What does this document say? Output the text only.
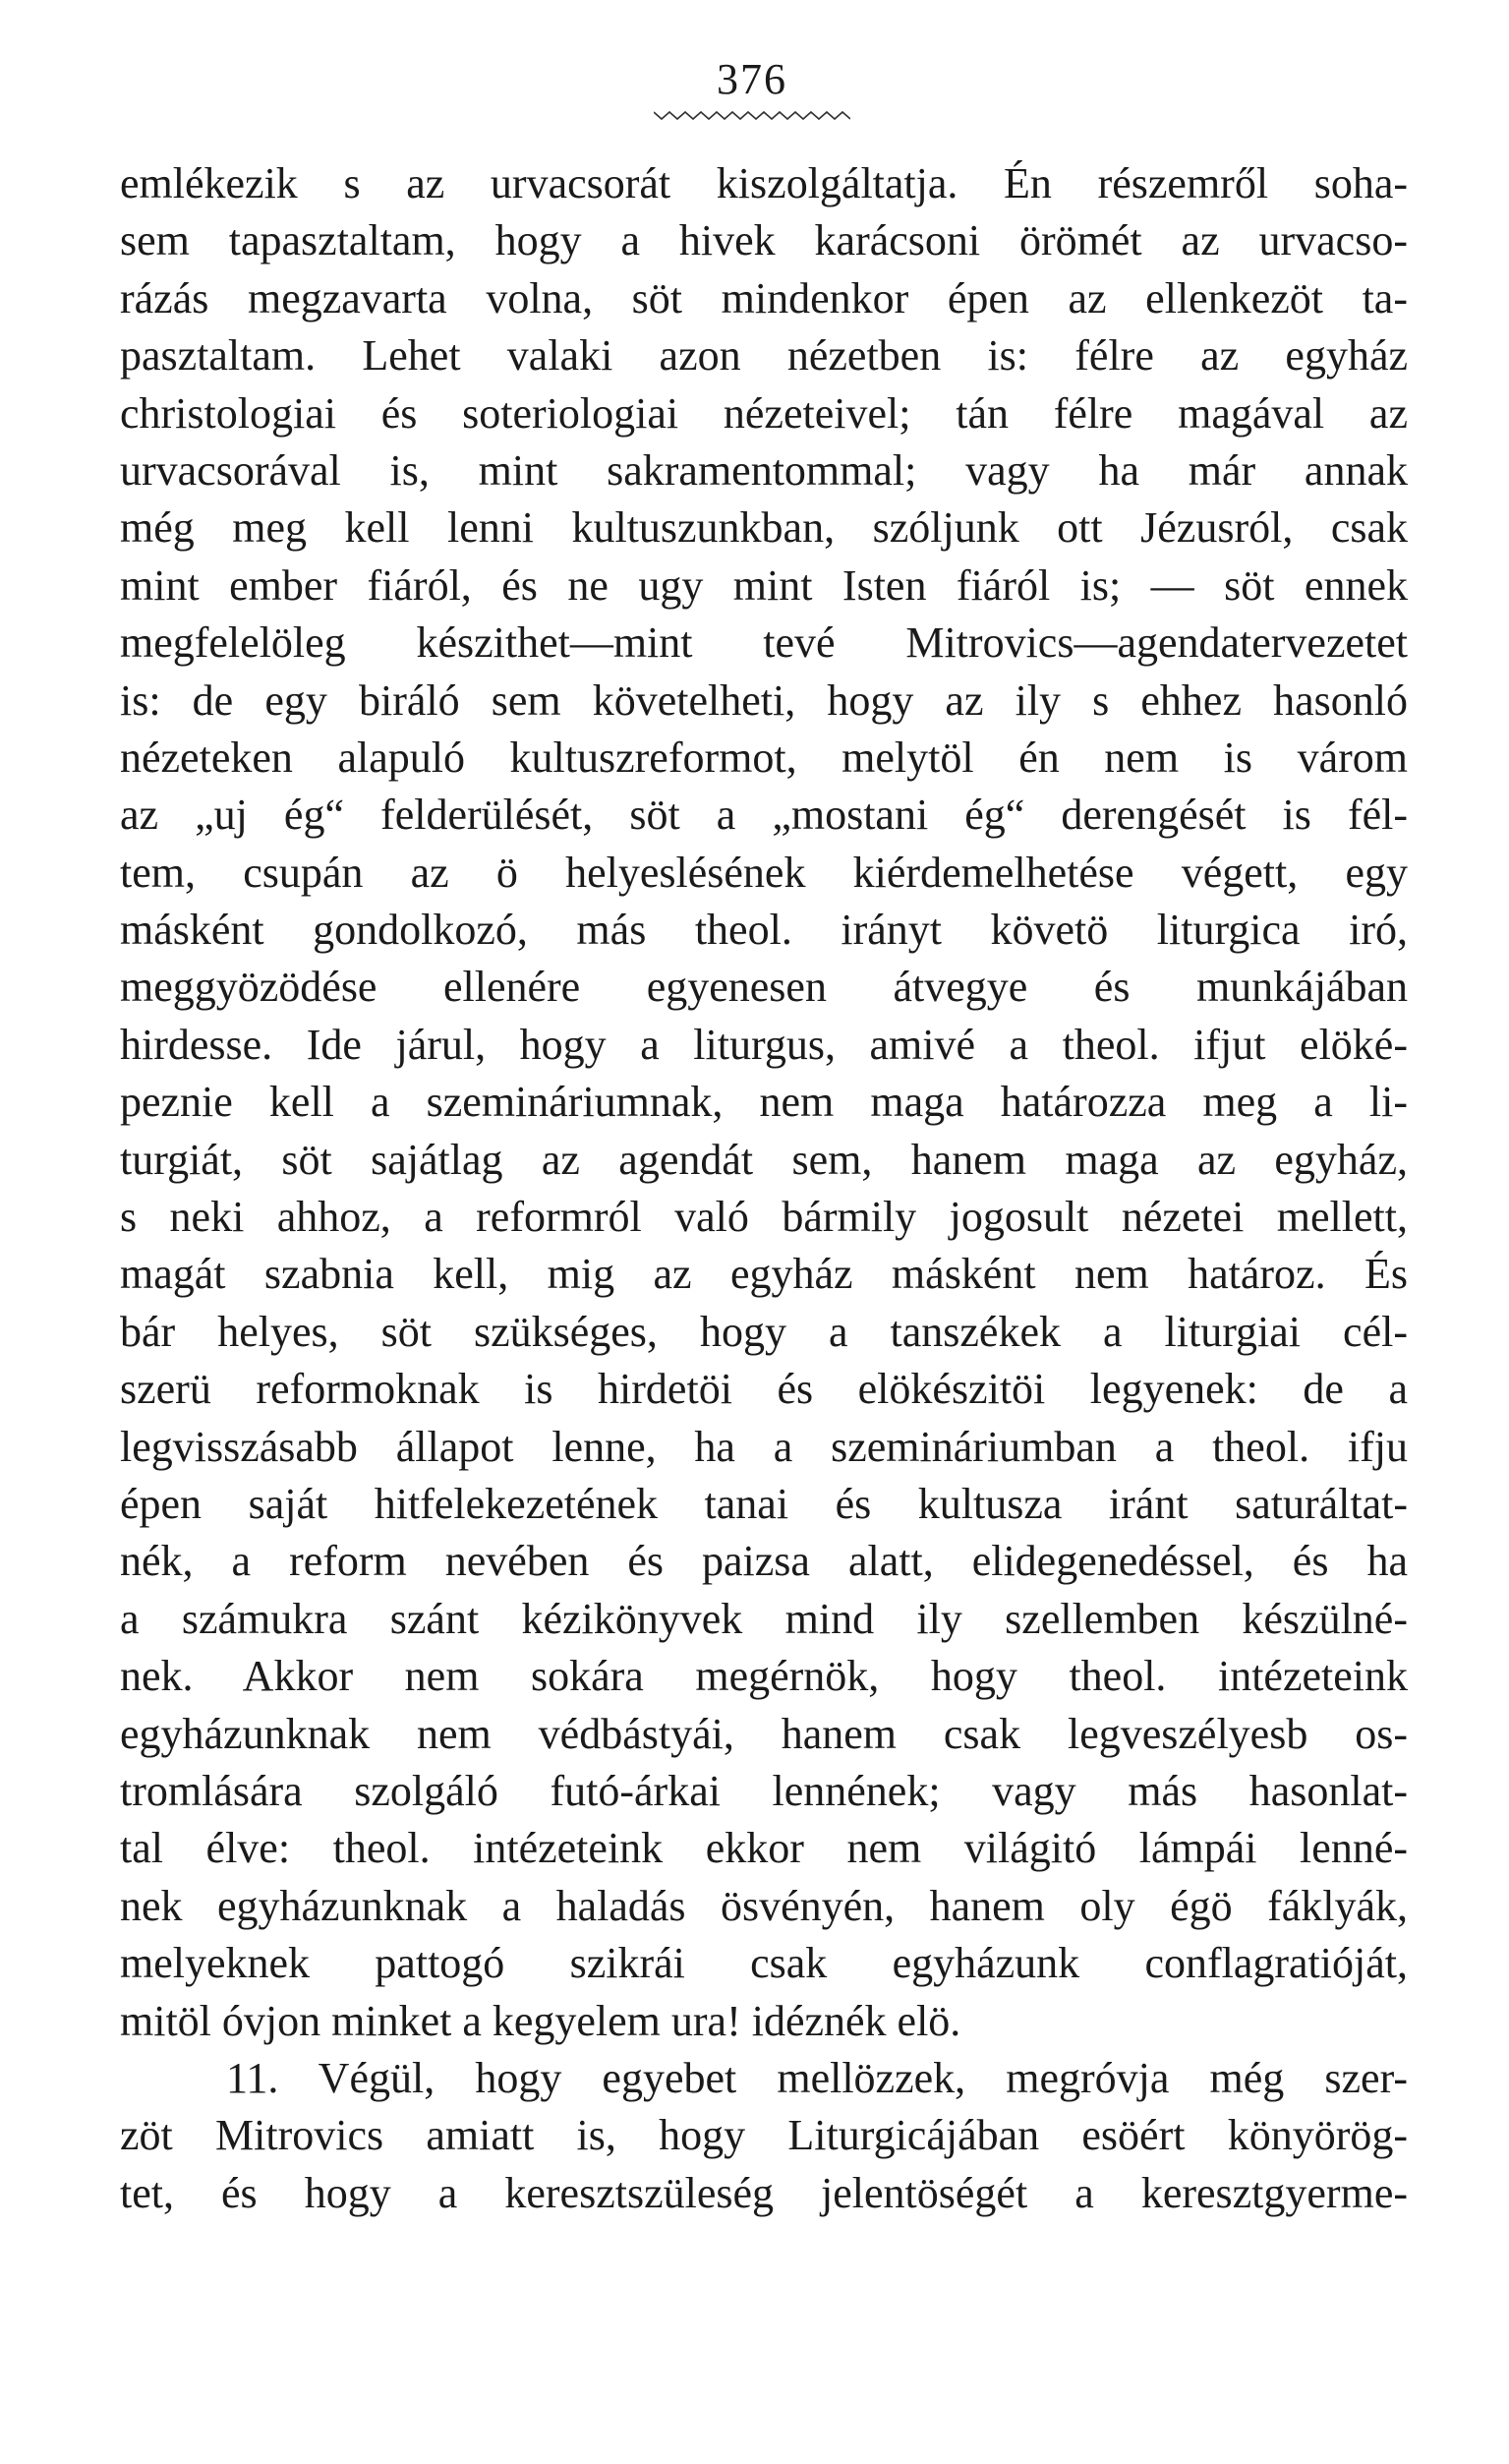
376
emlékezik s az urvacsorát kiszolgáltatja. Én részemről soha-
sem tapasztaltam, hogy a hivek karácsoni örömét az urvacso-
rázás megzavarta volna, söt mindenkor épen az ellenkezöt ta-
pasztaltam. Lehet valaki azon nézetben is: félre az egyház
christologiai és soteriologiai nézeteivel; tán félre magával az
urvacsorával is, mint sakramentommal; vagy ha már annak
még meg kell lenni kultuszunkban, szóljunk ott Jézusról, csak
mint ember fiáról, és ne ugy mint Isten fiáról is; — söt ennek
megfelelöleg készithet—mint tevé Mitrovics—agendatervezetet
is: de egy biráló sem követelheti, hogy az ily s ehhez hasonló
nézeteken alapuló kultuszreformot, melytöl én nem is várom
az „uj ég“ felderülését, söt a „mostani ég“ derengését is fél-
tem, csupán az ö helyeslésének kiérdemelhetése végett, egy
másként gondolkozó, más theol. irányt követö liturgica iró,
meggyözödése ellenére egyenesen átvegye és munkájában
hirdesse. Ide járul, hogy a liturgus, amivé a theol. ifjut elöké-
peznie kell a szemináriumnak, nem maga határozza meg a li-
turgiát, söt sajátlag az agendát sem, hanem maga az egyház,
s neki ahhoz, a reformról való bármily jogosult nézetei mellett,
magát szabnia kell, mig az egyház másként nem határoz. És
bár helyes, söt szükséges, hogy a tanszékek a liturgiai cél-
szerü reformoknak is hirdetöi és elökészitöi legyenek: de a
legvisszásabb állapot lenne, ha a szemináriumban a theol. ifju
épen saját hitfelekezetének tanai és kultusza iránt saturáltat-
nék, a reform nevében és paizsa alatt, elidegenedéssel, és ha
a számukra szánt kézikönyvek mind ily szellemben készülné-
nek. Akkor nem sokára megérnök, hogy theol. intézeteink
egyházunknak nem védbástyái, hanem csak legveszélyesb os-
tromlására szolgáló futó-árkai lennének; vagy más hasonlat-
tal élve: theol. intézeteink ekkor nem világitó lámpái lenné-
nek egyházunknak a haladás ösvényén, hanem oly égö fáklyák,
melyeknek pattogó szikrái csak egyházunk conflagratióját,
mitöl óvjon minket a kegyelem ura! idéznék elö.
11. Végül, hogy egyebet mellözzek, megróvja még szer-
zöt Mitrovics amiatt is, hogy Liturgicájában esöért könyörög-
tet, és hogy a keresztszüleség jelentöségét a keresztgyerme-
